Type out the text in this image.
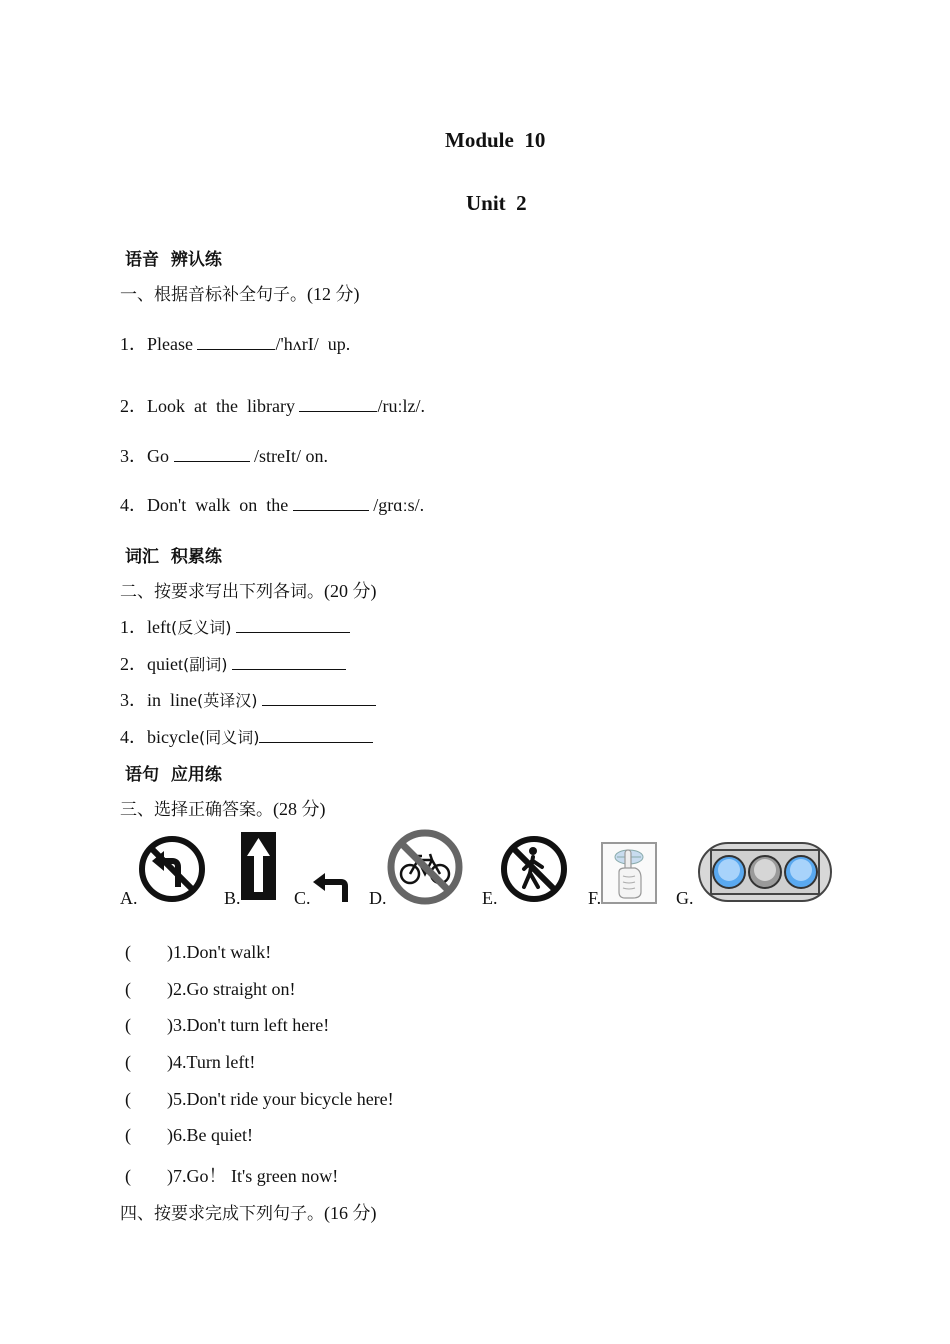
Module  10
Unit  2
语音  辨认练
一、根据音标补全句子。(12 分)
1．Please	/'hʌrI/  up.
2．Look  at  the  library	/ruːlz/.
3．Go	/streIt/ on.
4．Don't  walk  on  the	/grɑːs/.
词汇  积累练
二、按要求写出下列各词。(20 分)
1．left(反义词)
2．quiet(副词)
3．in  line(英译汉)
4．bicycle(同义词)
语句  应用练
三、选择正确答案。(28 分)
A.	B.	C.	D.	E.	F.	G.
(        )1.Don't walk!
(        )2.Go straight on!
(        )3.Don't turn left here!
(        )4.Turn left!
(        )5.Don't ride your bicycle here!
(        )6.Be quiet!
(        )7.Go！ It's green now!
四、按要求完成下列句子。(16 分)
